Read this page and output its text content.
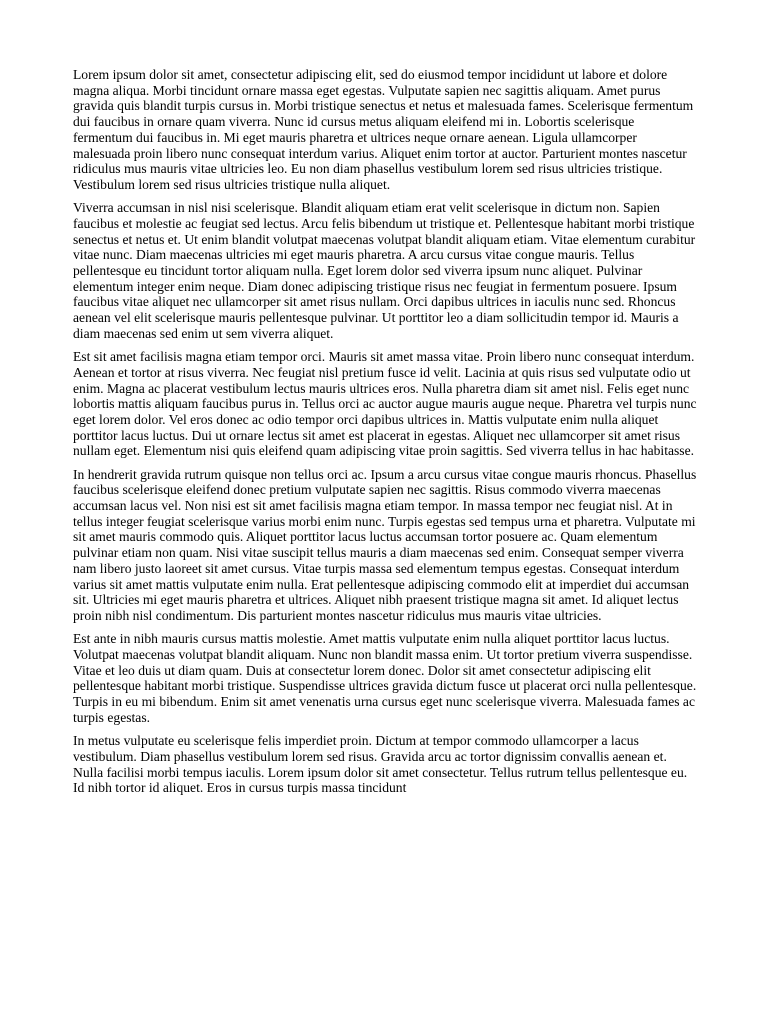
Lorem ipsum dolor sit amet, consectetur adipiscing elit, sed do eiusmod tempor incididunt ut labore et dolore magna aliqua. Morbi tincidunt ornare massa eget egestas. Vulputate sapien nec sagittis aliquam. Amet purus gravida quis blandit turpis cursus in. Morbi tristique senectus et netus et malesuada fames. Scelerisque fermentum dui faucibus in ornare quam viverra. Nunc id cursus metus aliquam eleifend mi in. Lobortis scelerisque fermentum dui faucibus in. Mi eget mauris pharetra et ultrices neque ornare aenean. Ligula ullamcorper malesuada proin libero nunc consequat interdum varius. Aliquet enim tortor at auctor. Parturient montes nascetur ridiculus mus mauris vitae ultricies leo. Eu non diam phasellus vestibulum lorem sed risus ultricies tristique. Vestibulum lorem sed risus ultricies tristique nulla aliquet.

Viverra accumsan in nisl nisi scelerisque. Blandit aliquam etiam erat velit scelerisque in dictum non. Sapien faucibus et molestie ac feugiat sed lectus. Arcu felis bibendum ut tristique et. Pellentesque habitant morbi tristique senectus et netus et. Ut enim blandit volutpat maecenas volutpat blandit aliquam etiam. Vitae elementum curabitur vitae nunc. Diam maecenas ultricies mi eget mauris pharetra. A arcu cursus vitae congue mauris. Tellus pellentesque eu tincidunt tortor aliquam nulla. Eget lorem dolor sed viverra ipsum nunc aliquet. Pulvinar elementum integer enim neque. Diam donec adipiscing tristique risus nec feugiat in fermentum posuere. Ipsum faucibus vitae aliquet nec ullamcorper sit amet risus nullam. Orci dapibus ultrices in iaculis nunc sed. Rhoncus aenean vel elit scelerisque mauris pellentesque pulvinar. Ut porttitor leo a diam sollicitudin tempor id. Mauris a diam maecenas sed enim ut sem viverra aliquet.

Est sit amet facilisis magna etiam tempor orci. Mauris sit amet massa vitae. Proin libero nunc consequat interdum. Aenean et tortor at risus viverra. Nec feugiat nisl pretium fusce id velit. Lacinia at quis risus sed vulputate odio ut enim. Magna ac placerat vestibulum lectus mauris ultrices eros. Nulla pharetra diam sit amet nisl. Felis eget nunc lobortis mattis aliquam faucibus purus in. Tellus orci ac auctor augue mauris augue neque. Pharetra vel turpis nunc eget lorem dolor. Vel eros donec ac odio tempor orci dapibus ultrices in. Mattis vulputate enim nulla aliquet porttitor lacus luctus. Dui ut ornare lectus sit amet est placerat in egestas. Aliquet nec ullamcorper sit amet risus nullam eget. Elementum nisi quis eleifend quam adipiscing vitae proin sagittis. Sed viverra tellus in hac habitasse.

In hendrerit gravida rutrum quisque non tellus orci ac. Ipsum a arcu cursus vitae congue mauris rhoncus. Phasellus faucibus scelerisque eleifend donec pretium vulputate sapien nec sagittis. Risus commodo viverra maecenas accumsan lacus vel. Non nisi est sit amet facilisis magna etiam tempor. In massa tempor nec feugiat nisl. At in tellus integer feugiat scelerisque varius morbi enim nunc. Turpis egestas sed tempus urna et pharetra. Vulputate mi sit amet mauris commodo quis. Aliquet porttitor lacus luctus accumsan tortor posuere ac. Quam elementum pulvinar etiam non quam. Nisi vitae suscipit tellus mauris a diam maecenas sed enim. Consequat semper viverra nam libero justo laoreet sit amet cursus. Vitae turpis massa sed elementum tempus egestas. Consequat interdum varius sit amet mattis vulputate enim nulla. Erat pellentesque adipiscing commodo elit at imperdiet dui accumsan sit. Ultricies mi eget mauris pharetra et ultrices. Aliquet nibh praesent tristique magna sit amet. Id aliquet lectus proin nibh nisl condimentum. Dis parturient montes nascetur ridiculus mus mauris vitae ultricies.

Est ante in nibh mauris cursus mattis molestie. Amet mattis vulputate enim nulla aliquet porttitor lacus luctus. Volutpat maecenas volutpat blandit aliquam. Nunc non blandit massa enim. Ut tortor pretium viverra suspendisse. Vitae et leo duis ut diam quam. Duis at consectetur lorem donec. Dolor sit amet consectetur adipiscing elit pellentesque habitant morbi tristique. Suspendisse ultrices gravida dictum fusce ut placerat orci nulla pellentesque. Turpis in eu mi bibendum. Enim sit amet venenatis urna cursus eget nunc scelerisque viverra. Malesuada fames ac turpis egestas.

In metus vulputate eu scelerisque felis imperdiet proin. Dictum at tempor commodo ullamcorper a lacus vestibulum. Diam phasellus vestibulum lorem sed risus. Gravida arcu ac tortor dignissim convallis aenean et. Nulla facilisi morbi tempus iaculis. Lorem ipsum dolor sit amet consectetur. Tellus rutrum tellus pellentesque eu. Id nibh tortor id aliquet. Eros in cursus turpis massa tincidunt
